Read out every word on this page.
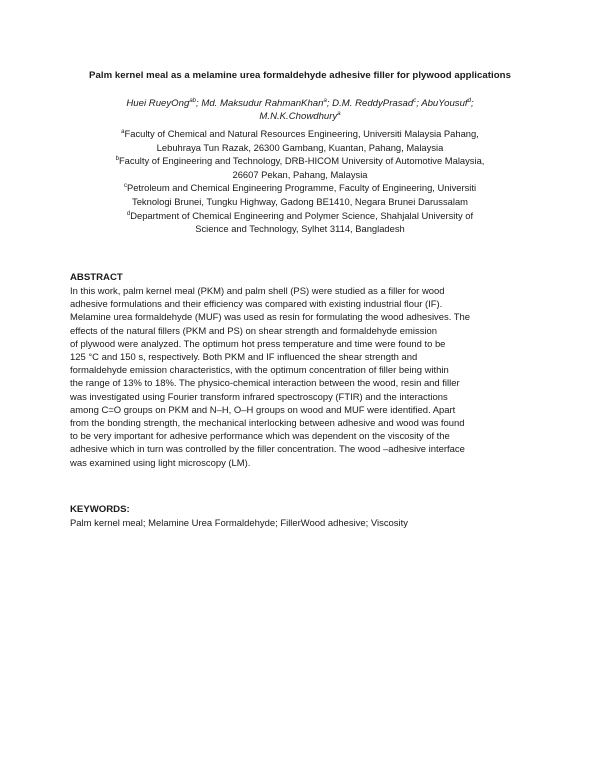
Palm kernel meal as a melamine urea formaldehyde adhesive filler for plywood applications
Huei RueyOng$^{ab}$; Md. Maksudur RahmanKhan$^a$; D.M. ReddyPrasad$^c$; AbuYousuf$^d$;
M.N.K.Chowdhury$^a$
$^a$Faculty of Chemical and Natural Resources Engineering, Universiti Malaysia Pahang,
Lebuhraya Tun Razak, 26300 Gambang, Kuantan, Pahang, Malaysia
$^b$Faculty of Engineering and Technology, DRB-HICOM University of Automotive Malaysia,
26607 Pekan, Pahang, Malaysia
$^c$Petroleum and Chemical Engineering Programme, Faculty of Engineering, Universiti
Teknologi Brunei, Tungku Highway, Gadong BE1410, Negara Brunei Darussalam
$^d$Department of Chemical Engineering and Polymer Science, Shahjalal University of
Science and Technology, Sylhet 3114, Bangladesh
ABSTRACT
In this work, palm kernel meal (PKM) and palm shell (PS) were studied as a filler for wood
adhesive formulations and their efficiency was compared with existing industrial flour (IF).
Melamine urea formaldehyde (MUF) was used as resin for formulating the wood adhesives. The
effects of the natural fillers (PKM and PS) on shear strength and formaldehyde emission
of plywood were analyzed. The optimum hot press temperature and time were found to be
125 °C and 150 s, respectively. Both PKM and IF influenced the shear strength and
formaldehyde emission characteristics, with the optimum concentration of filler being within
the range of 13% to 18%. The physico-chemical interaction between the wood, resin and filler
was investigated using Fourier transform infrared spectroscopy (FTIR) and the interactions
among C=O groups on PKM and N–H, O–H groups on wood and MUF were identified. Apart
from the bonding strength, the mechanical interlocking between adhesive and wood was found
to be very important for adhesive performance which was dependent on the viscosity of the
adhesive which in turn was controlled by the filler concentration. The wood –adhesive interface
was examined using light microscopy (LM).
KEYWORDS:
Palm kernel meal; Melamine Urea Formaldehyde; FillerWood adhesive; Viscosity
